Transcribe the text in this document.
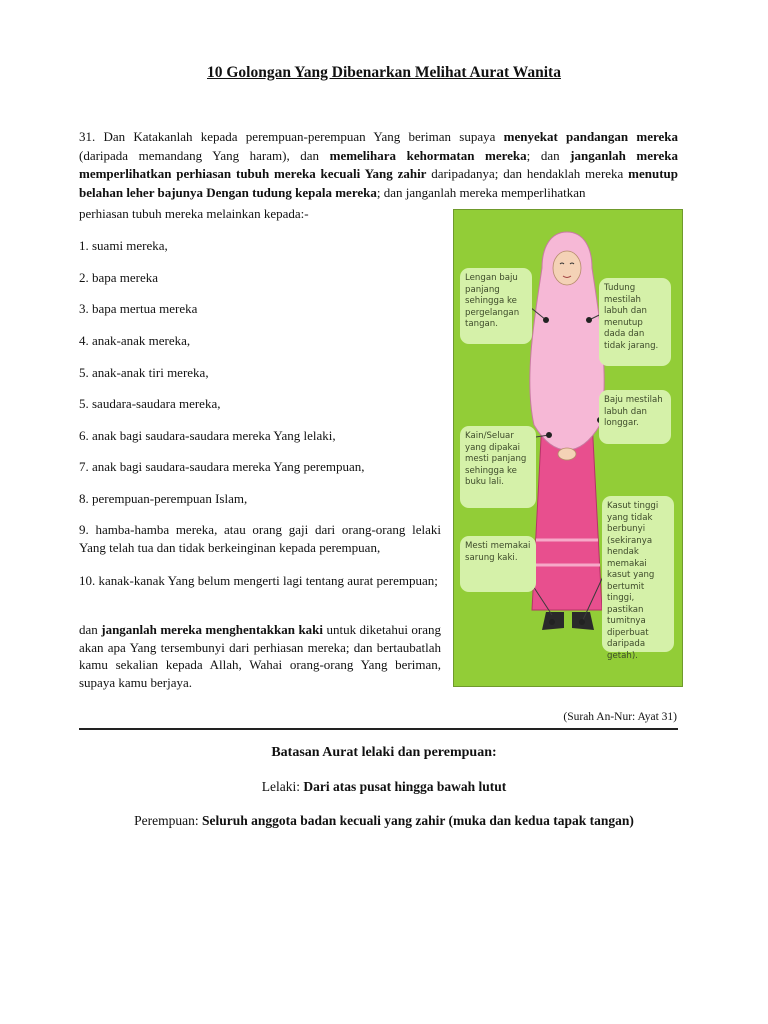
10 Golongan Yang Dibenarkan Melihat Aurat Wanita
31. Dan Katakanlah kepada perempuan-perempuan Yang beriman supaya menyekat pandangan mereka (daripada memandang Yang haram), dan memelihara kehormatan mereka; dan janganlah mereka memperlihatkan perhiasan tubuh mereka kecuali Yang zahir daripadanya; dan hendaklah mereka menutup belahan leher bajunya Dengan tudung kepala mereka; dan janganlah mereka memperlihatkan
perhiasan tubuh mereka melainkan kepada:-
1. suami mereka,
2. bapa mereka
3. bapa mertua mereka
4. anak-anak mereka,
5. anak-anak tiri mereka,
5. saudara-saudara mereka,
6. anak bagi saudara-saudara mereka Yang lelaki,
7. anak bagi saudara-saudara mereka Yang perempuan,
8. perempuan-perempuan Islam,
9. hamba-hamba mereka, atau orang gaji dari orang-orang lelaki Yang telah tua dan tidak berkeinginan kepada perempuan,
10. kanak-kanak Yang belum mengerti lagi tentang aurat perempuan;
dan janganlah mereka menghentakkan kaki untuk diketahui orang akan apa Yang tersembunyi dari perhiasan mereka; dan bertaubatlah kamu sekalian kepada Allah, Wahai orang-orang Yang beriman, supaya kamu berjaya.
Lengan baju panjang sehingga ke pergelangan tangan.
Tudung mestilah labuh dan menutup dada dan tidak jarang.
Baju mestilah labuh dan longgar.
Kain/Seluar yang dipakai mesti panjang sehingga ke buku lali.
Kasut tinggi yang tidak berbunyi (sekiranya hendak memakai kasut yang bertumit tinggi, pastikan tumitnya diperbuat daripada getah).
Mesti memakai sarung kaki.
(Surah An-Nur: Ayat 31)
Batasan Aurat lelaki dan perempuan:
Lelaki: Dari atas pusat hingga bawah lutut
Perempuan: Seluruh anggota badan kecuali yang zahir (muka dan kedua tapak tangan)
